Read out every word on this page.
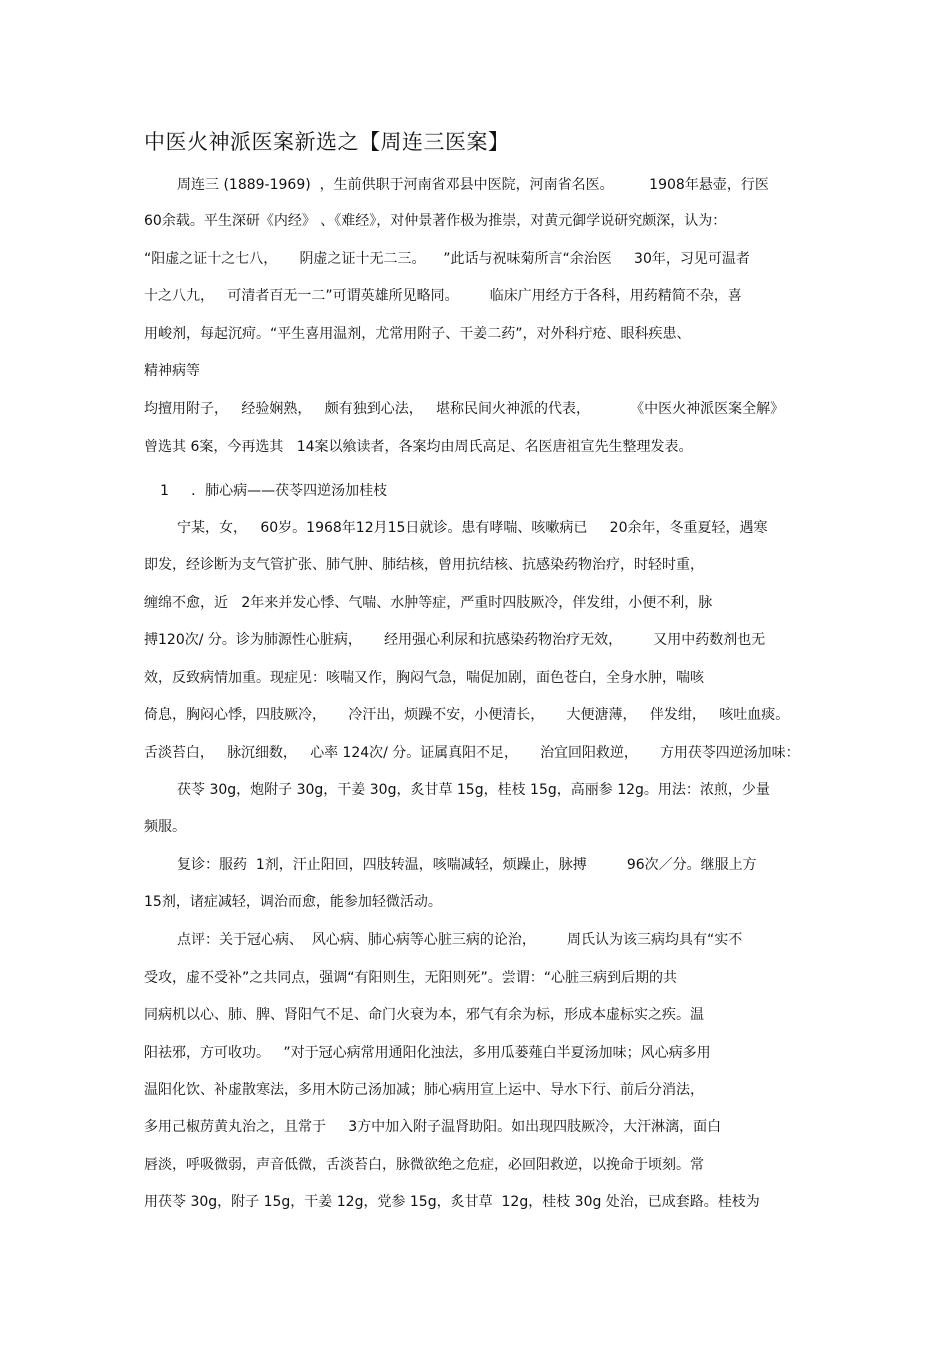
中医火神派医案新选之【周连三医案】
周连三 (1889-1969)  ，生前供职于河南省邓县中医院，河南省名医。        1908年悬壶，行医
60余载。平生深研《内经》 、《难经》，对仲景著作极为推崇，对黄元御学说研究颇深，认为：
“阳虚之证十之七八，     阴虚之证十无二三。    ”此话与祝味菊所言“余治医     30年，习见可温者
十之八九，   可清者百无一二”可谓英雄所见略同。       临床广用经方于各科，用药精简不杂，喜
用峻剂，每起沉疴。“平生喜用温剂，尤常用附子、干姜二药”，对外科疔疮、眼科疾患、
精神病等
均擅用附子，   经验娴熟，   颇有独到心法，   堪称民间火神派的代表，         《中医火神派医案全解》
曾选其 6案，今再选其   14案以飨读者，各案均由周氏高足、名医唐祖宣先生整理发表。
1     ．肺心病——茯苓四逆汤加桂枝
宁某，女，   60岁。1968年12月15日就诊。患有哮喘、咳嗽病已     20余年，冬重夏轻，遇寒
即发，经诊断为支气管扩张、肺气肿、肺结核，曾用抗结核、抗感染药物治疗，时轻时重，
缠绵不愈，近   2年来并发心悸、气喘、水肿等症，严重时四肢厥冷，伴发绀，小便不利，脉
搏120次/ 分。诊为肺源性心脏病，     经用强心利尿和抗感染药物治疗无效，       又用中药数剂也无
效，反致病情加重。现症见：咳喘又作，胸闷气急，喘促加剧，面色苍白，全身水肿，喘咳
倚息，胸闷心悸，四肢厥冷，     冷汗出，烦躁不安，小便清长，     大便溏薄，   伴发绀，   咳吐血痰。
舌淡苔白，   脉沉细数，   心率 124次/ 分。证属真阳不足，     治宜回阳救逆，     方用茯苓四逆汤加味：
茯苓 30g，炮附子 30g，干姜 30g，炙甘草 15g，桂枝 15g，高丽参 12g。用法：浓煎，少量
频服。
复诊：服药  1剂，汗止阳回，四肢转温，咳喘减轻，烦躁止，脉搏         96次／分。继服上方
15剂，诸症减轻，调治而愈，能参加轻微活动。
点评：关于冠心病、  风心病、肺心病等心脏三病的论治，       周氏认为该三病均具有“实不
受攻，虚不受补”之共同点，强调“有阳则生，无阳则死”。尝谓：“心脏三病到后期的共
同病机以心、肺、脾、肾阳气不足、命门火衰为本，邪气有余为标，形成本虚标实之疾。温
阳祛邪，方可收功。   ”对于冠心病常用通阳化浊法，多用瓜蒌薤白半夏汤加味；风心病多用
温阳化饮、补虚散寒法，多用木防己汤加减；肺心病用宣上运中、导水下行、前后分消法，
多用己椒苈黄丸治之，且常于     3方中加入附子温肾助阳。如出现四肢厥冷，大汗淋漓，面白
唇淡，呼吸微弱，声音低微，舌淡苔白，脉微欲绝之危症，必回阳救逆，以挽命于顷刻。常
用茯苓 30g，附子 15g，干姜 12g，党参 15g，炙甘草  12g，桂枝 30g 处治，已成套路。桂枝为
